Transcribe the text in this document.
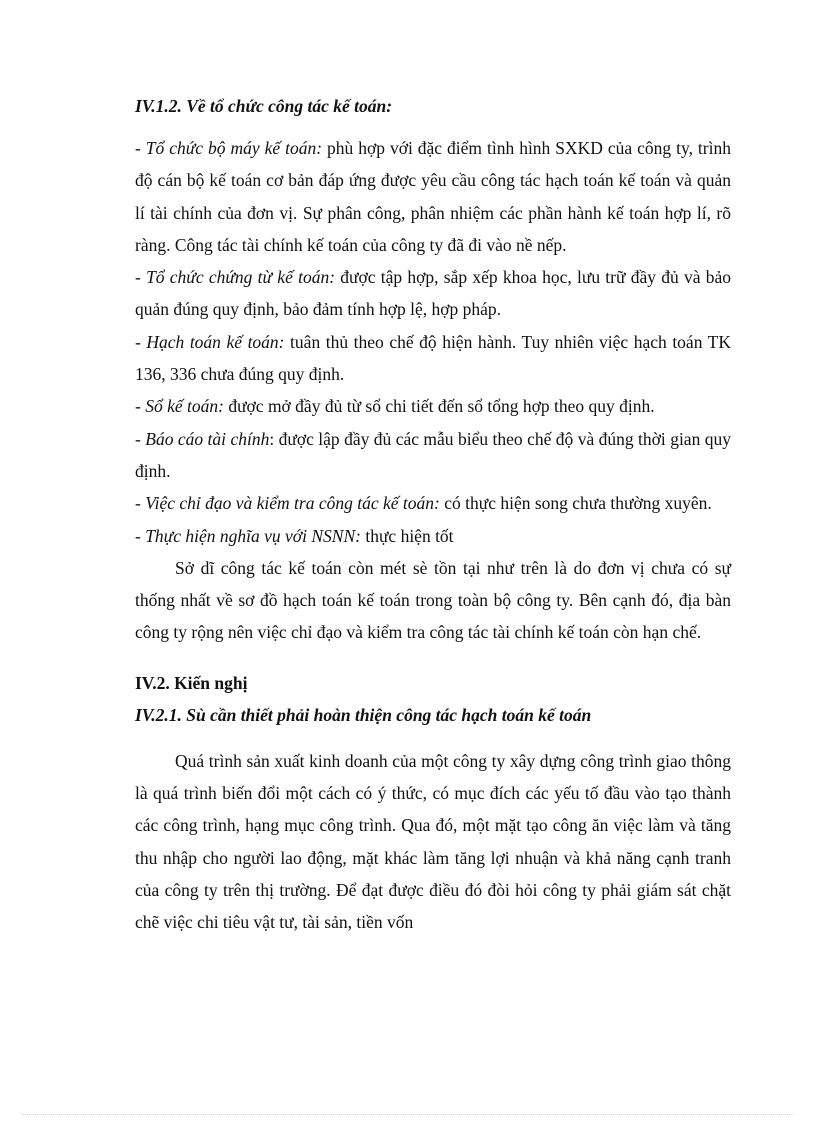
IV.1.2. Về tổ chức công tác kế toán:

- Tổ chức bộ máy kế toán: phù hợp với đặc điểm tình hình SXKD của công ty, trình độ cán bộ kế toán cơ bản đáp ứng được yêu cầu công tác hạch toán kế toán và quản lí tài chính của đơn vị. Sự phân công, phân nhiệm các phần hành kế toán hợp lí, rõ ràng. Công tác tài chính kế toán của công ty đã đi vào nề nếp.

- Tổ chức chứng từ kế toán: được tập hợp, sắp xếp khoa học, lưu trữ đầy đủ và bảo quản đúng quy định, bảo đảm tính hợp lệ, hợp pháp.

- Hạch toán kế toán: tuân thủ theo chế độ hiện hành. Tuy nhiên việc hạch toán TK 136, 336 chưa đúng quy định.

- Sổ kế toán: được mở đầy đủ từ sổ chi tiết đến sổ tổng hợp theo quy định.

- Báo cáo tài chính: được lập đầy đủ các mẫu biểu theo chế độ và đúng thời gian quy định.

- Việc chỉ đạo và kiểm tra công tác kế toán: có thực hiện song chưa thường xuyên.

- Thực hiện nghĩa vụ với NSNN: thực hiện tốt

Sở dĩ công tác kế toán còn mét sè tồn tại như trên là do đơn vị chưa có sự thống nhất về sơ đồ hạch toán kế toán trong toàn bộ công ty. Bên cạnh đó, địa bàn công ty rộng nên việc chỉ đạo và kiểm tra công tác tài chính kế toán còn hạn chế.

IV.2. Kiến nghị

IV.2.1. Sù cần thiết phải hoàn thiện công tác hạch toán kế toán

Quá trình sản xuất kinh doanh của một công ty xây dựng công trình giao thông là quá trình biến đổi một cách có ý thức, có mục đích các yếu tố đầu vào tạo thành các công trình, hạng mục công trình. Qua đó, một mặt tạo công ăn việc làm và tăng thu nhập cho người lao động, mặt khác làm tăng lợi nhuận và khả năng cạnh tranh của công ty trên thị trường. Để đạt được điều đó đòi hỏi công ty phải giám sát chặt chẽ việc chi tiêu vật tư, tài sản, tiền vốn
